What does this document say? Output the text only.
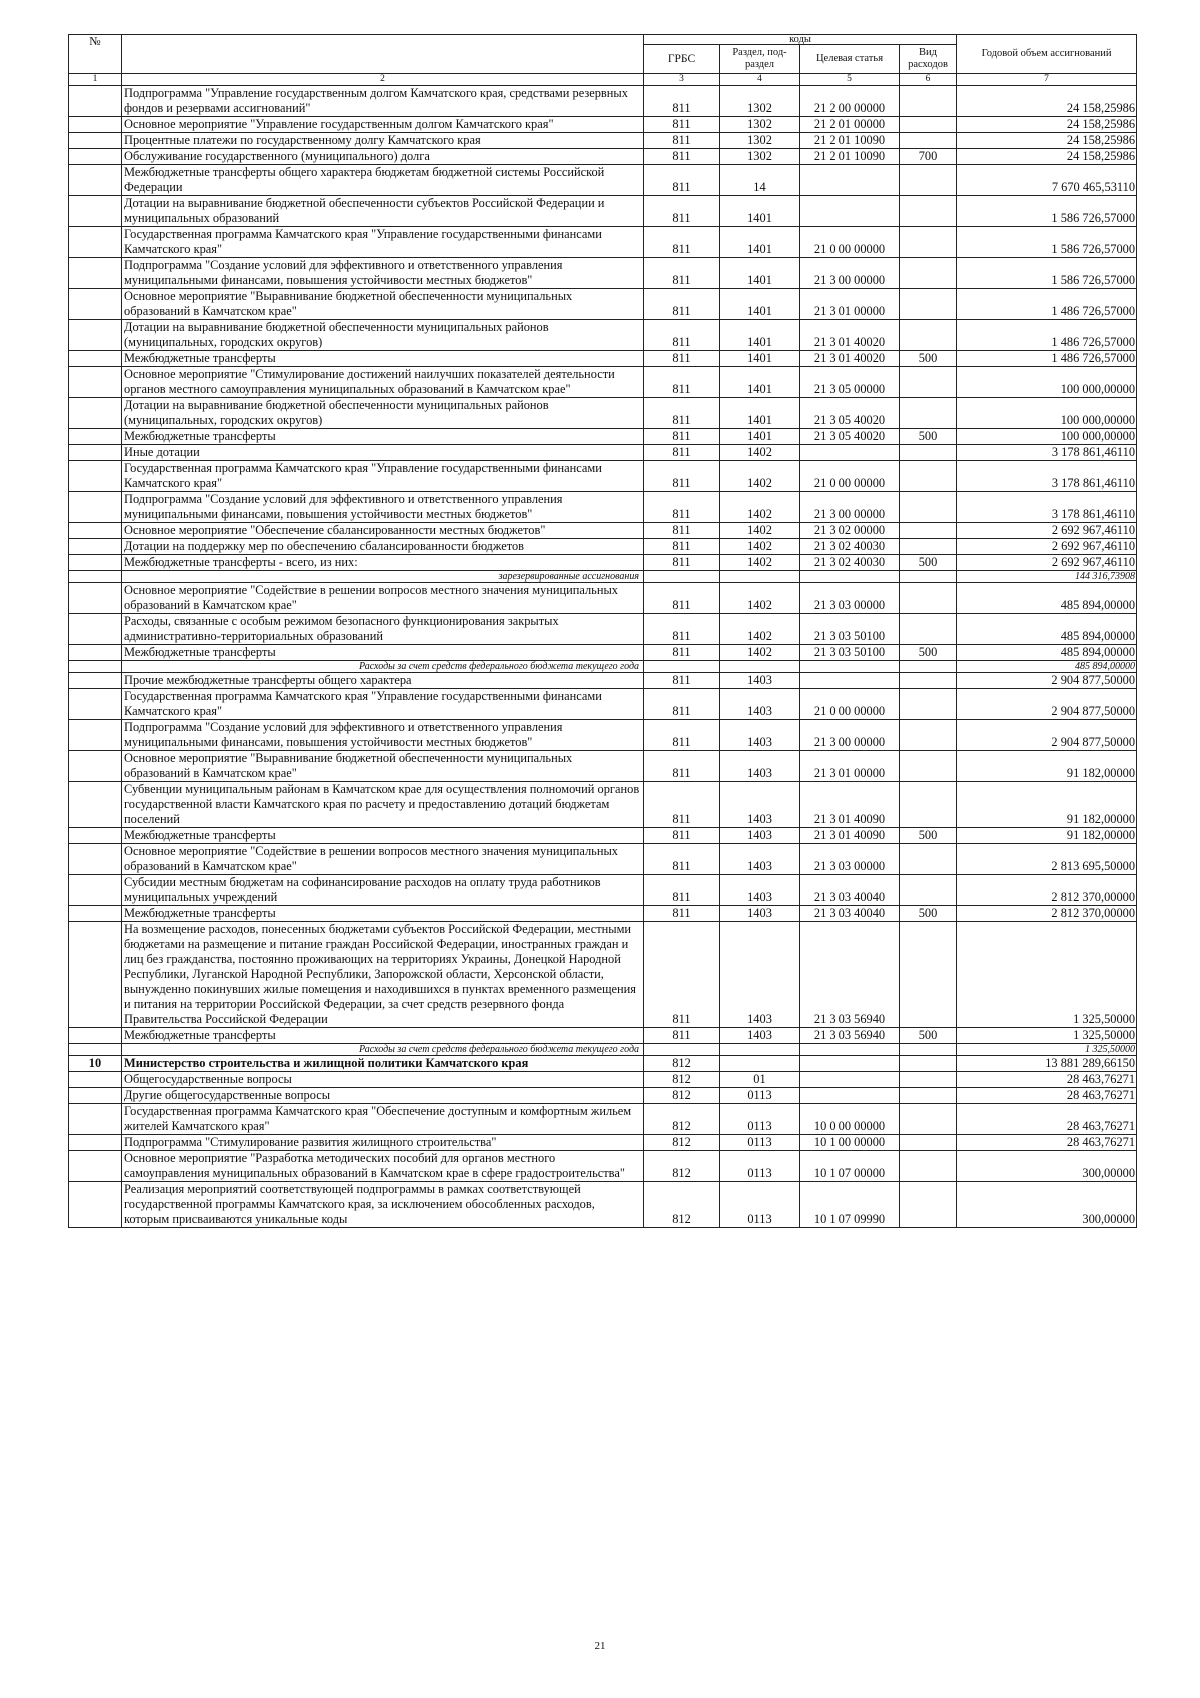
№		коды				Годовой объем ассигнований
		ГРБС	Раздел, под-раздел	Целевая статья	Вид расходов	
1	2	3	4	5	6	7
	Подпрограмма "Управление государственным долгом Камчатского края, средствами резервных фондов и резервами ассигнований"	811	1302	21 2 00 00000		24 158,25986
	Основное мероприятие "Управление государственным долгом Камчатского края"	811	1302	21 2 01 00000		24 158,25986
	Процентные платежи по государственному долгу Камчатского края	811	1302	21 2 01 10090		24 158,25986
	Обслуживание государственного (муниципального) долга	811	1302	21 2 01 10090	700	24 158,25986
	Межбюджетные трансферты общего характера бюджетам бюджетной системы Российской Федерации	811	14			7 670 465,53110
	Дотации на выравнивание бюджетной обеспеченности субъектов Российской Федерации и муниципальных образований	811	1401			1 586 726,57000
	Государственная программа Камчатского края "Управление государственными финансами Камчатского края"	811	1401	21 0 00 00000		1 586 726,57000
	Подпрограмма "Создание условий для эффективного и ответственного управления муниципальными финансами, повышения устойчивости местных бюджетов"	811	1401	21 3 00 00000		1 586 726,57000
	Основное мероприятие "Выравнивание бюджетной обеспеченности муниципальных образований в Камчатском крае"	811	1401	21 3 01 00000		1 486 726,57000
	Дотации на выравнивание бюджетной обеспеченности муниципальных районов (муниципальных, городских округов)	811	1401	21 3 01 40020		1 486 726,57000
	Межбюджетные трансферты	811	1401	21 3 01 40020	500	1 486 726,57000
	Основное мероприятие "Стимулирование достижений наилучших показателей деятельности органов местного самоуправления муниципальных образований в Камчатском крае"	811	1401	21 3 05 00000		100 000,00000
	Дотации на выравнивание бюджетной обеспеченности муниципальных районов (муниципальных, городских округов)	811	1401	21 3 05 40020		100 000,00000
	Межбюджетные трансферты	811	1401	21 3 05 40020	500	100 000,00000
	Иные дотации	811	1402			3 178 861,46110
	Государственная программа Камчатского края "Управление государственными финансами Камчатского края"	811	1402	21 0 00 00000		3 178 861,46110
	Подпрограмма "Создание условий для эффективного и ответственного управления муниципальными финансами, повышения устойчивости местных бюджетов"	811	1402	21 3 00 00000		3 178 861,46110
	Основное мероприятие "Обеспечение сбалансированности местных бюджетов"	811	1402	21 3 02 00000		2 692 967,46110
	Дотации на поддержку мер по обеспечению сбалансированности бюджетов	811	1402	21 3 02 40030		2 692 967,46110
	Межбюджетные трансферты - всего, из них:	811	1402	21 3 02 40030	500	2 692 967,46110
	зарезервированные ассигнования					144 316,73908
	Основное мероприятие "Содействие в решении вопросов местного значения муниципальных образований в Камчатском крае"	811	1402	21 3 03 00000		485 894,00000
	Расходы, связанные с особым режимом безопасного функционирования закрытых административно-территориальных образований	811	1402	21 3 03 50100		485 894,00000
	Межбюджетные трансферты	811	1402	21 3 03 50100	500	485 894,00000
	Расходы за счет средств федерального бюджета текущего года					485 894,00000
	Прочие межбюджетные трансферты общего характера	811	1403			2 904 877,50000
	Государственная программа Камчатского края "Управление государственными финансами Камчатского края"	811	1403	21 0 00 00000		2 904 877,50000
	Подпрограмма "Создание условий для эффективного и ответственного управления муниципальными финансами, повышения устойчивости местных бюджетов"	811	1403	21 3 00 00000		2 904 877,50000
	Основное мероприятие "Выравнивание бюджетной обеспеченности муниципальных образований в Камчатском крае"	811	1403	21 3 01 00000		91 182,00000
	Субвенции муниципальным районам в Камчатском крае для осуществления полномочий органов государственной власти Камчатского края по расчету и предоставлению дотаций бюджетам поселений	811	1403	21 3 01 40090		91 182,00000
	Межбюджетные трансферты	811	1403	21 3 01 40090	500	91 182,00000
	Основное мероприятие "Содействие в решении вопросов местного значения муниципальных образований в Камчатском крае"	811	1403	21 3 03 00000		2 813 695,50000
	Субсидии местным бюджетам на софинансирование расходов на оплату труда работников муниципальных учреждений	811	1403	21 3 03 40040		2 812 370,00000
	Межбюджетные трансферты	811	1403	21 3 03 40040	500	2 812 370,00000
	На возмещение расходов, понесенных бюджетами субъектов Российской Федерации, местными бюджетами на размещение и питание граждан Российской Федерации, иностранных граждан и лиц без гражданства, постоянно проживающих на территориях Украины, Донецкой Народной Республики, Луганской Народной Республики, Запорожской области, Херсонской области, вынужденно покинувших жилые помещения и находившихся в пунктах временного размещения и питания на территории Российской Федерации, за счет средств резервного фонда Правительства Российской Федерации	811	1403	21 3 03 56940		1 325,50000
	Межбюджетные трансферты	811	1403	21 3 03 56940	500	1 325,50000
	Расходы за счет средств федерального бюджета текущего года					1 325,50000
10	Министерство строительства и жилищной политики Камчатского края	812				13 881 289,66150
	Общегосударственные вопросы	812	01			28 463,76271
	Другие общегосударственные вопросы	812	0113			28 463,76271
	Государственная программа Камчатского края "Обеспечение доступным и комфортным жильем жителей Камчатского края"	812	0113	10 0 00 00000		28 463,76271
	Подпрограмма "Стимулирование развития жилищного строительства"	812	0113	10 1 00 00000		28 463,76271
	Основное мероприятие "Разработка методических пособий для органов местного самоуправления муниципальных образований в Камчатском крае в сфере градостроительства"	812	0113	10 1 07 00000		300,00000
	Реализация мероприятий соответствующей подпрограммы в рамках соответствующей государственной программы Камчатского края, за исключением обособленных расходов, которым присваиваются уникальные коды	812	0113	10 1 07 09990		300,00000
21
